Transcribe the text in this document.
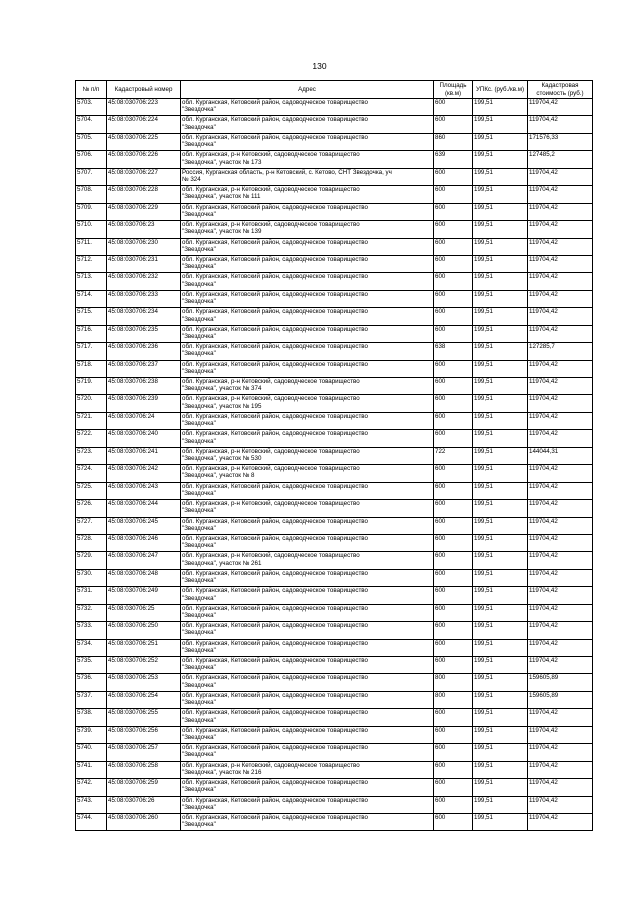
130
№ п/п	Кадастровый номер	Адрес	Площадь (кв.м)	УПКс. (руб./кв.м)	Кадастровая стоимость (руб.)
5703.	45:08:030706:223	обл. Курганская, Кетовский район, садоводческое товарищество
"Звездочка"	600	199,51	119704,42
5704.	45:08:030706:224	обл. Курганская, Кетовский район, садоводческое товарищество
"Звездочка"	600	199,51	119704,42
5705.	45:08:030706:225	обл. Курганская, Кетовский район, садоводческое товарищество
"Звездочка"	860	199,51	171576,33
5706.	45:08:030706:226	обл. Курганская, р-н Кетовский, садоводческое товарищество
"Звездочка", участок № 173	639	199,51	127485,2
5707.	45:08:030706:227	Россия, Курганская область, р-н Кетовский, с. Кетово, СНТ Звездочка, уч
№ 324	600	199,51	119704,42
5708.	45:08:030706:228	обл. Курганская, р-н Кетовский, садоводческое товарищество
"Звездочка", участок № 111	600	199,51	119704,42
5709.	45:08:030706:229	обл. Курганская, Кетовский район, садоводческое товарищество
"Звездочка"	600	199,51	119704,42
5710.	45:08:030706:23	обл. Курганская, р-н Кетовский, садоводческое товарищество
"Звездочка", участок № 139	600	199,51	119704,42
5711.	45:08:030706:230	обл. Курганская, Кетовский район, садоводческое товарищество
"Звездочка"	600	199,51	119704,42
5712.	45:08:030706:231	обл. Курганская, Кетовский район, садоводческое товарищество
"Звездочка"	600	199,51	119704,42
5713.	45:08:030706:232	обл. Курганская, Кетовский район, садоводческое товарищество
"Звездочка"	600	199,51	119704,42
5714.	45:08:030706:233	обл. Курганская, Кетовский район, садоводческое товарищество
"Звездочка"	600	199,51	119704,42
5715.	45:08:030706:234	обл. Курганская, Кетовский район, садоводческое товарищество
"Звездочка"	600	199,51	119704,42
5716.	45:08:030706:235	обл. Курганская, Кетовский район, садоводческое товарищество
"Звездочка"	600	199,51	119704,42
5717.	45:08:030706:236	обл. Курганская, Кетовский район, садоводческое товарищество
"Звездочка"	638	199,51	127285,7
5718.	45:08:030706:237	обл. Курганская, Кетовский район, садоводческое товарищество
"Звездочка"	600	199,51	119704,42
5719.	45:08:030706:238	обл. Курганская, р-н Кетовский, садоводческое товарищество
"Звездочка", участок № 374	600	199,51	119704,42
5720.	45:08:030706:239	обл. Курганская, р-н Кетовский, садоводческое товарищество
"Звездочка", участок № 195	600	199,51	119704,42
5721.	45:08:030706:24	обл. Курганская, Кетовский район, садоводческое товарищество
"Звездочка"	600	199,51	119704,42
5722.	45:08:030706:240	обл. Курганская, Кетовский район, садоводческое товарищество
"Звездочка"	600	199,51	119704,42
5723.	45:08:030706:241	обл. Курганская, р-н Кетовский, садоводческое товарищество
"Звездочка", участок № 530	722	199,51	144044,31
5724.	45:08:030706:242	обл. Курганская, р-н Кетовский, садоводческое товарищество
"Звездочка", участок № 8	600	199,51	119704,42
5725.	45:08:030706:243	обл. Курганская, Кетовский район, садоводческое товарищество
"Звездочка"	600	199,51	119704,42
5726.	45:08:030706:244	обл. Курганская, р-н Кетовский, садоводческое товарищество
"Звездочка"	600	199,51	119704,42
5727.	45:08:030706:245	обл. Курганская, Кетовский район, садоводческое товарищество
"Звездочка"	600	199,51	119704,42
5728.	45:08:030706:246	обл. Курганская, Кетовский район, садоводческое товарищество
"Звездочка"	600	199,51	119704,42
5729.	45:08:030706:247	обл. Курганская, р-н Кетовский, садоводческое товарищество
"Звездочка", участок № 261	600	199,51	119704,42
5730.	45:08:030706:248	обл. Курганская, Кетовский район, садоводческое товарищество
"Звездочка"	600	199,51	119704,42
5731.	45:08:030706:249	обл. Курганская, Кетовский район, садоводческое товарищество
"Звездочка"	600	199,51	119704,42
5732.	45:08:030706:25	обл. Курганская, Кетовский район, садоводческое товарищество
"Звездочка"	600	199,51	119704,42
5733.	45:08:030706:250	обл. Курганская, Кетовский район, садоводческое товарищество
"Звездочка"	600	199,51	119704,42
5734.	45:08:030706:251	обл. Курганская, Кетовский район, садоводческое товарищество
"Звездочка"	600	199,51	119704,42
5735.	45:08:030706:252	обл. Курганская, Кетовский район, садоводческое товарищество
"Звездочка"	600	199,51	119704,42
5736.	45:08:030706:253	обл. Курганская, Кетовский район, садоводческое товарищество
"Звездочка"	800	199,51	159605,89
5737.	45:08:030706:254	обл. Курганская, Кетовский район, садоводческое товарищество
"Звездочка"	800	199,51	159605,89
5738.	45:08:030706:255	обл. Курганская, Кетовский район, садоводческое товарищество
"Звездочка"	600	199,51	119704,42
5739.	45:08:030706:256	обл. Курганская, Кетовский район, садоводческое товарищество
"Звездочка"	600	199,51	119704,42
5740.	45:08:030706:257	обл. Курганская, Кетовский район, садоводческое товарищество
"Звездочка"	600	199,51	119704,42
5741.	45:08:030706:258	обл. Курганская, р-н Кетовский, садоводческое товарищество
"Звездочка", участок № 216	600	199,51	119704,42
5742.	45:08:030706:259	обл. Курганская, Кетовский район, садоводческое товарищество
"Звездочка"	600	199,51	119704,42
5743.	45:08:030706:26	обл. Курганская, Кетовский район, садоводческое товарищество
"Звездочка"	600	199,51	119704,42
5744.	45:08:030706:260	обл. Курганская, Кетовский район, садоводческое товарищество
"Звездочка"	600	199,51	119704,42
